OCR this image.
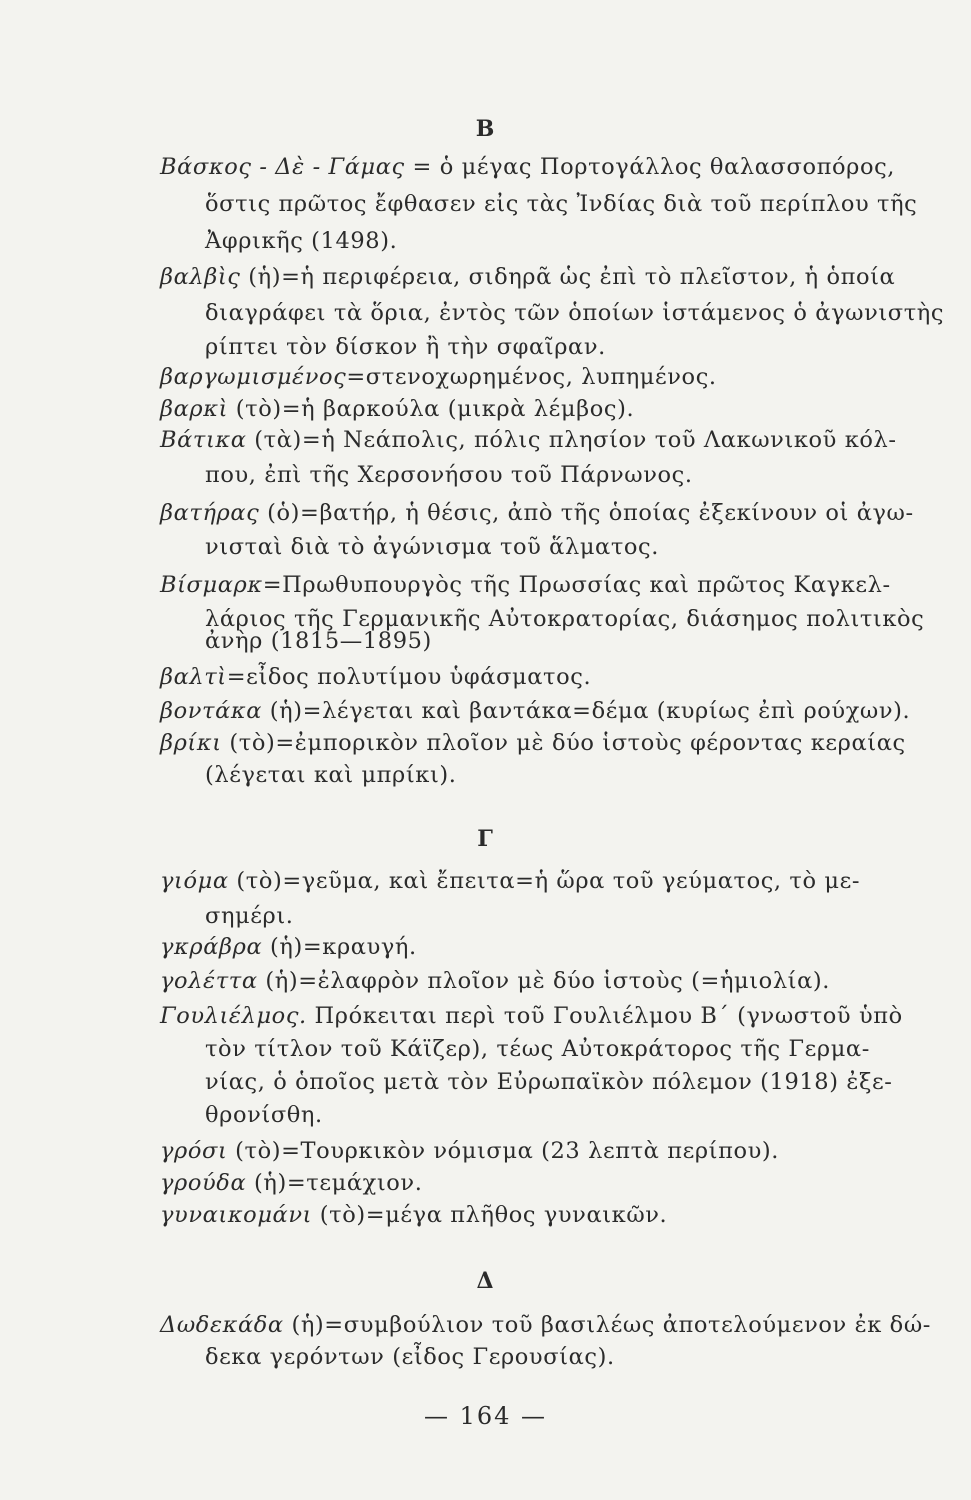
Β
Βάσκος - Δὲ - Γάμας = ὁ μέγας Πορτογάλλος θαλασσοπόρος,
ὅστις πρῶτος ἔφθασεν εἰς τὰς Ἰνδίας διὰ τοῦ περίπλου τῆς
Ἀφρικῆς (1498).
βαλβὶς (ἡ)=ἡ περιφέρεια, σιδηρᾶ ὡς ἐπὶ τὸ πλεῖστον, ἡ ὁποία
διαγράφει τὰ ὅρια, ἐντὸς τῶν ὁποίων ἱστάμενος ὁ ἀγωνιστὴς
ρίπτει τὸν δίσκον ἢ τὴν σφαῖραν.
βαργωμισμένος=στενοχωρημένος, λυπημένος.
βαρκὶ (τὸ)=ἡ βαρκούλα (μικρὰ λέμβος).
Βάτικα (τὰ)=ἡ Νεάπολις, πόλις πλησίον τοῦ Λακωνικοῦ κόλ-
που, ἐπὶ τῆς Χερσονήσου τοῦ Πάρνωνος.
βατήρας (ὁ)=βατήρ, ἡ θέσις, ἀπὸ τῆς ὁποίας ἐξεκίνουν οἱ ἀγω-
νισταὶ διὰ τὸ ἀγώνισμα τοῦ ἅλματος.
Βίσμαρκ=Πρωθυπουργὸς τῆς Πρωσσίας καὶ πρῶτος Καγκελ-
λάριος τῆς Γερμανικῆς Αὐτοκρατορίας, διάσημος πολιτικὸς
ἀνὴρ (1815—1895)
βαλτὶ=εἶδος πολυτίμου ὑφάσματος.
βοντάκα (ἡ)=λέγεται καὶ βαντάκα=δέμα (κυρίως ἐπὶ ρούχων).
βρίκι (τὸ)=ἐμπορικὸν πλοῖον μὲ δύο ἱστοὺς φέροντας κεραίας
(λέγεται καὶ μπρίκι).
Γ
γιόμα (τὸ)=γεῦμα, καὶ ἔπειτα=ἡ ὥρα τοῦ γεύματος, τὸ με-
σημέρι.
γκράβρα (ἡ)=κραυγή.
γολέττα (ἡ)=ἐλαφρὸν πλοῖον μὲ δύο ἱστοὺς (=ἡμιολία).
Γουλιέλμος. Πρόκειται περὶ τοῦ Γουλιέλμου Β΄ (γνωστοῦ ὑπὸ
τὸν τίτλον τοῦ Κάϊζερ), τέως Αὐτοκράτορος τῆς Γερμα-
νίας, ὁ ὁποῖος μετὰ τὸν Εὐρωπαϊκὸν πόλεμον (1918) ἐξε-
θρονίσθη.
γρόσι (τὸ)=Τουρκικὸν νόμισμα (23 λεπτὰ περίπου).
γρούδα (ἡ)=τεμάχιον.
γυναικομάνι (τὸ)=μέγα πλῆθος γυναικῶν.
Δ
Δωδεκάδα (ἡ)=συμβούλιον τοῦ βασιλέως ἀποτελούμενον ἐκ δώ-
δεκα γερόντων (εἶδος Γερουσίας).
— 164 —
